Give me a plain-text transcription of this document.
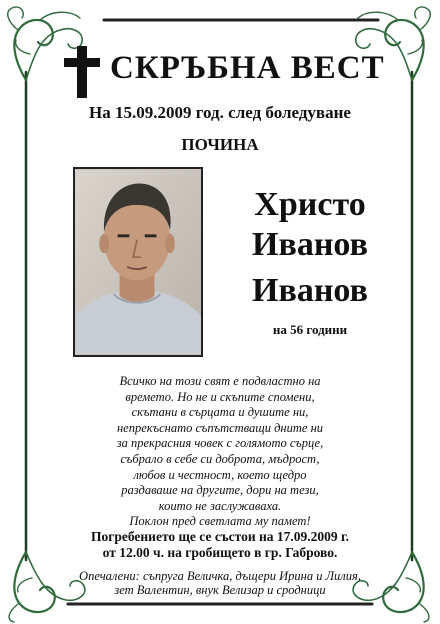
СКРЪБНА ВЕСТ
На 15.09.2009 год. след боледуване
ПОЧИНА
Христо
Иванов
Иванов
на 56 години
Всичко на този свят е подвластно на
времето. Но не и скъпите спомени,
скътани в сърцата и душите ни,
непрекъснато съпътстващи дните ни
за прекрасния човек с голямото сърце,
събрало в себе си доброта, мъдрост,
любов и честност, което щедро
раздаваше на другите, дори на тези,
които не заслужаваха.
Поклон пред светлата му памет!
Погребението ще се състои на 17.09.2009 г.
от 12.00 ч. на гробището в гр. Габрово.
Опечалени: съпруга Величка, дъщери Ирина и Лилия,
зет Валентин, внук Велизар и сродници
